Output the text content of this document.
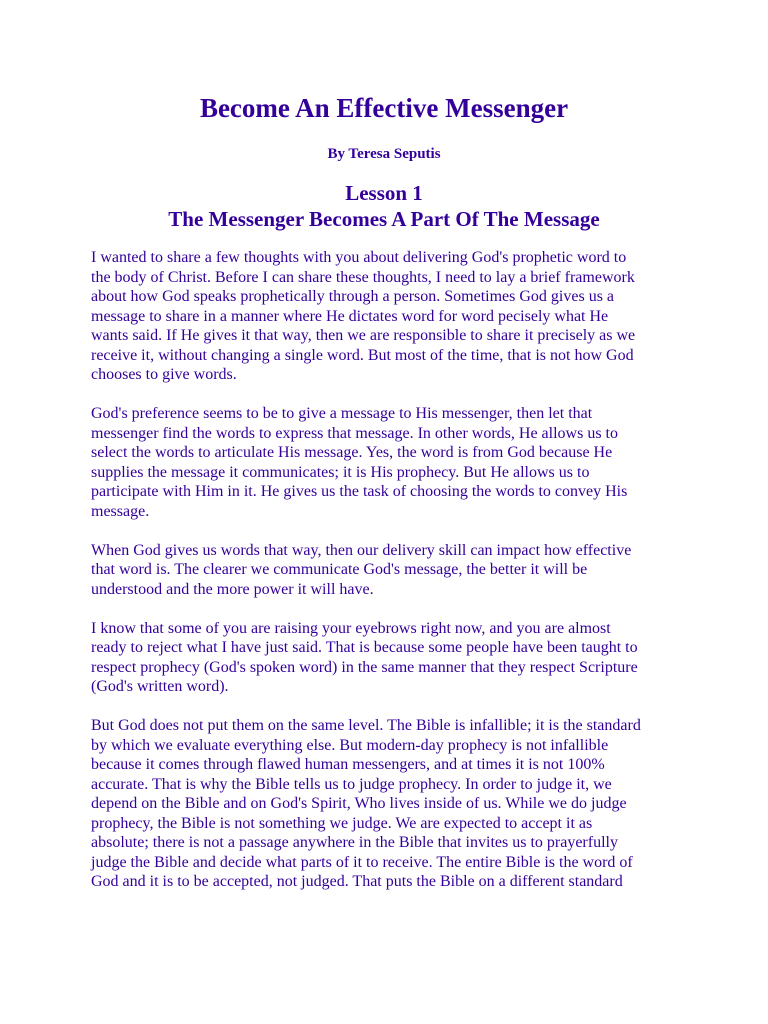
Become An Effective Messenger
By Teresa Seputis
Lesson 1
The Messenger Becomes A Part Of The Message

I wanted to share a few thoughts with you about delivering God's prophetic word to
the body of Christ. Before I can share these thoughts, I need to lay a brief framework
about how God speaks prophetically through a person. Sometimes God gives us a
message to share in a manner where He dictates word for word pecisely what He
wants said. If He gives it that way, then we are responsible to share it precisely as we
receive it, without changing a single word. But most of the time, that is not how God
chooses to give words.

God's preference seems to be to give a message to His messenger, then let that
messenger find the words to express that message. In other words, He allows us to
select the words to articulate His message. Yes, the word is from God because He
supplies the message it communicates; it is His prophecy. But He allows us to
participate with Him in it. He gives us the task of choosing the words to convey His
message.

When God gives us words that way, then our delivery skill can impact how effective
that word is. The clearer we communicate God's message, the better it will be
understood and the more power it will have.

I know that some of you are raising your eyebrows right now, and you are almost
ready to reject what I have just said. That is because some people have been taught to
respect prophecy (God's spoken word) in the same manner that they respect Scripture
(God's written word).

But God does not put them on the same level. The Bible is infallible; it is the standard
by which we evaluate everything else. But modern-day prophecy is not infallible
because it comes through flawed human messengers, and at times it is not 100%
accurate. That is why the Bible tells us to judge prophecy. In order to judge it, we
depend on the Bible and on God's Spirit, Who lives inside of us. While we do judge
prophecy, the Bible is not something we judge. We are expected to accept it as
absolute; there is not a passage anywhere in the Bible that invites us to prayerfully
judge the Bible and decide what parts of it to receive. The entire Bible is the word of
God and it is to be accepted, not judged. That puts the Bible on a different standard
